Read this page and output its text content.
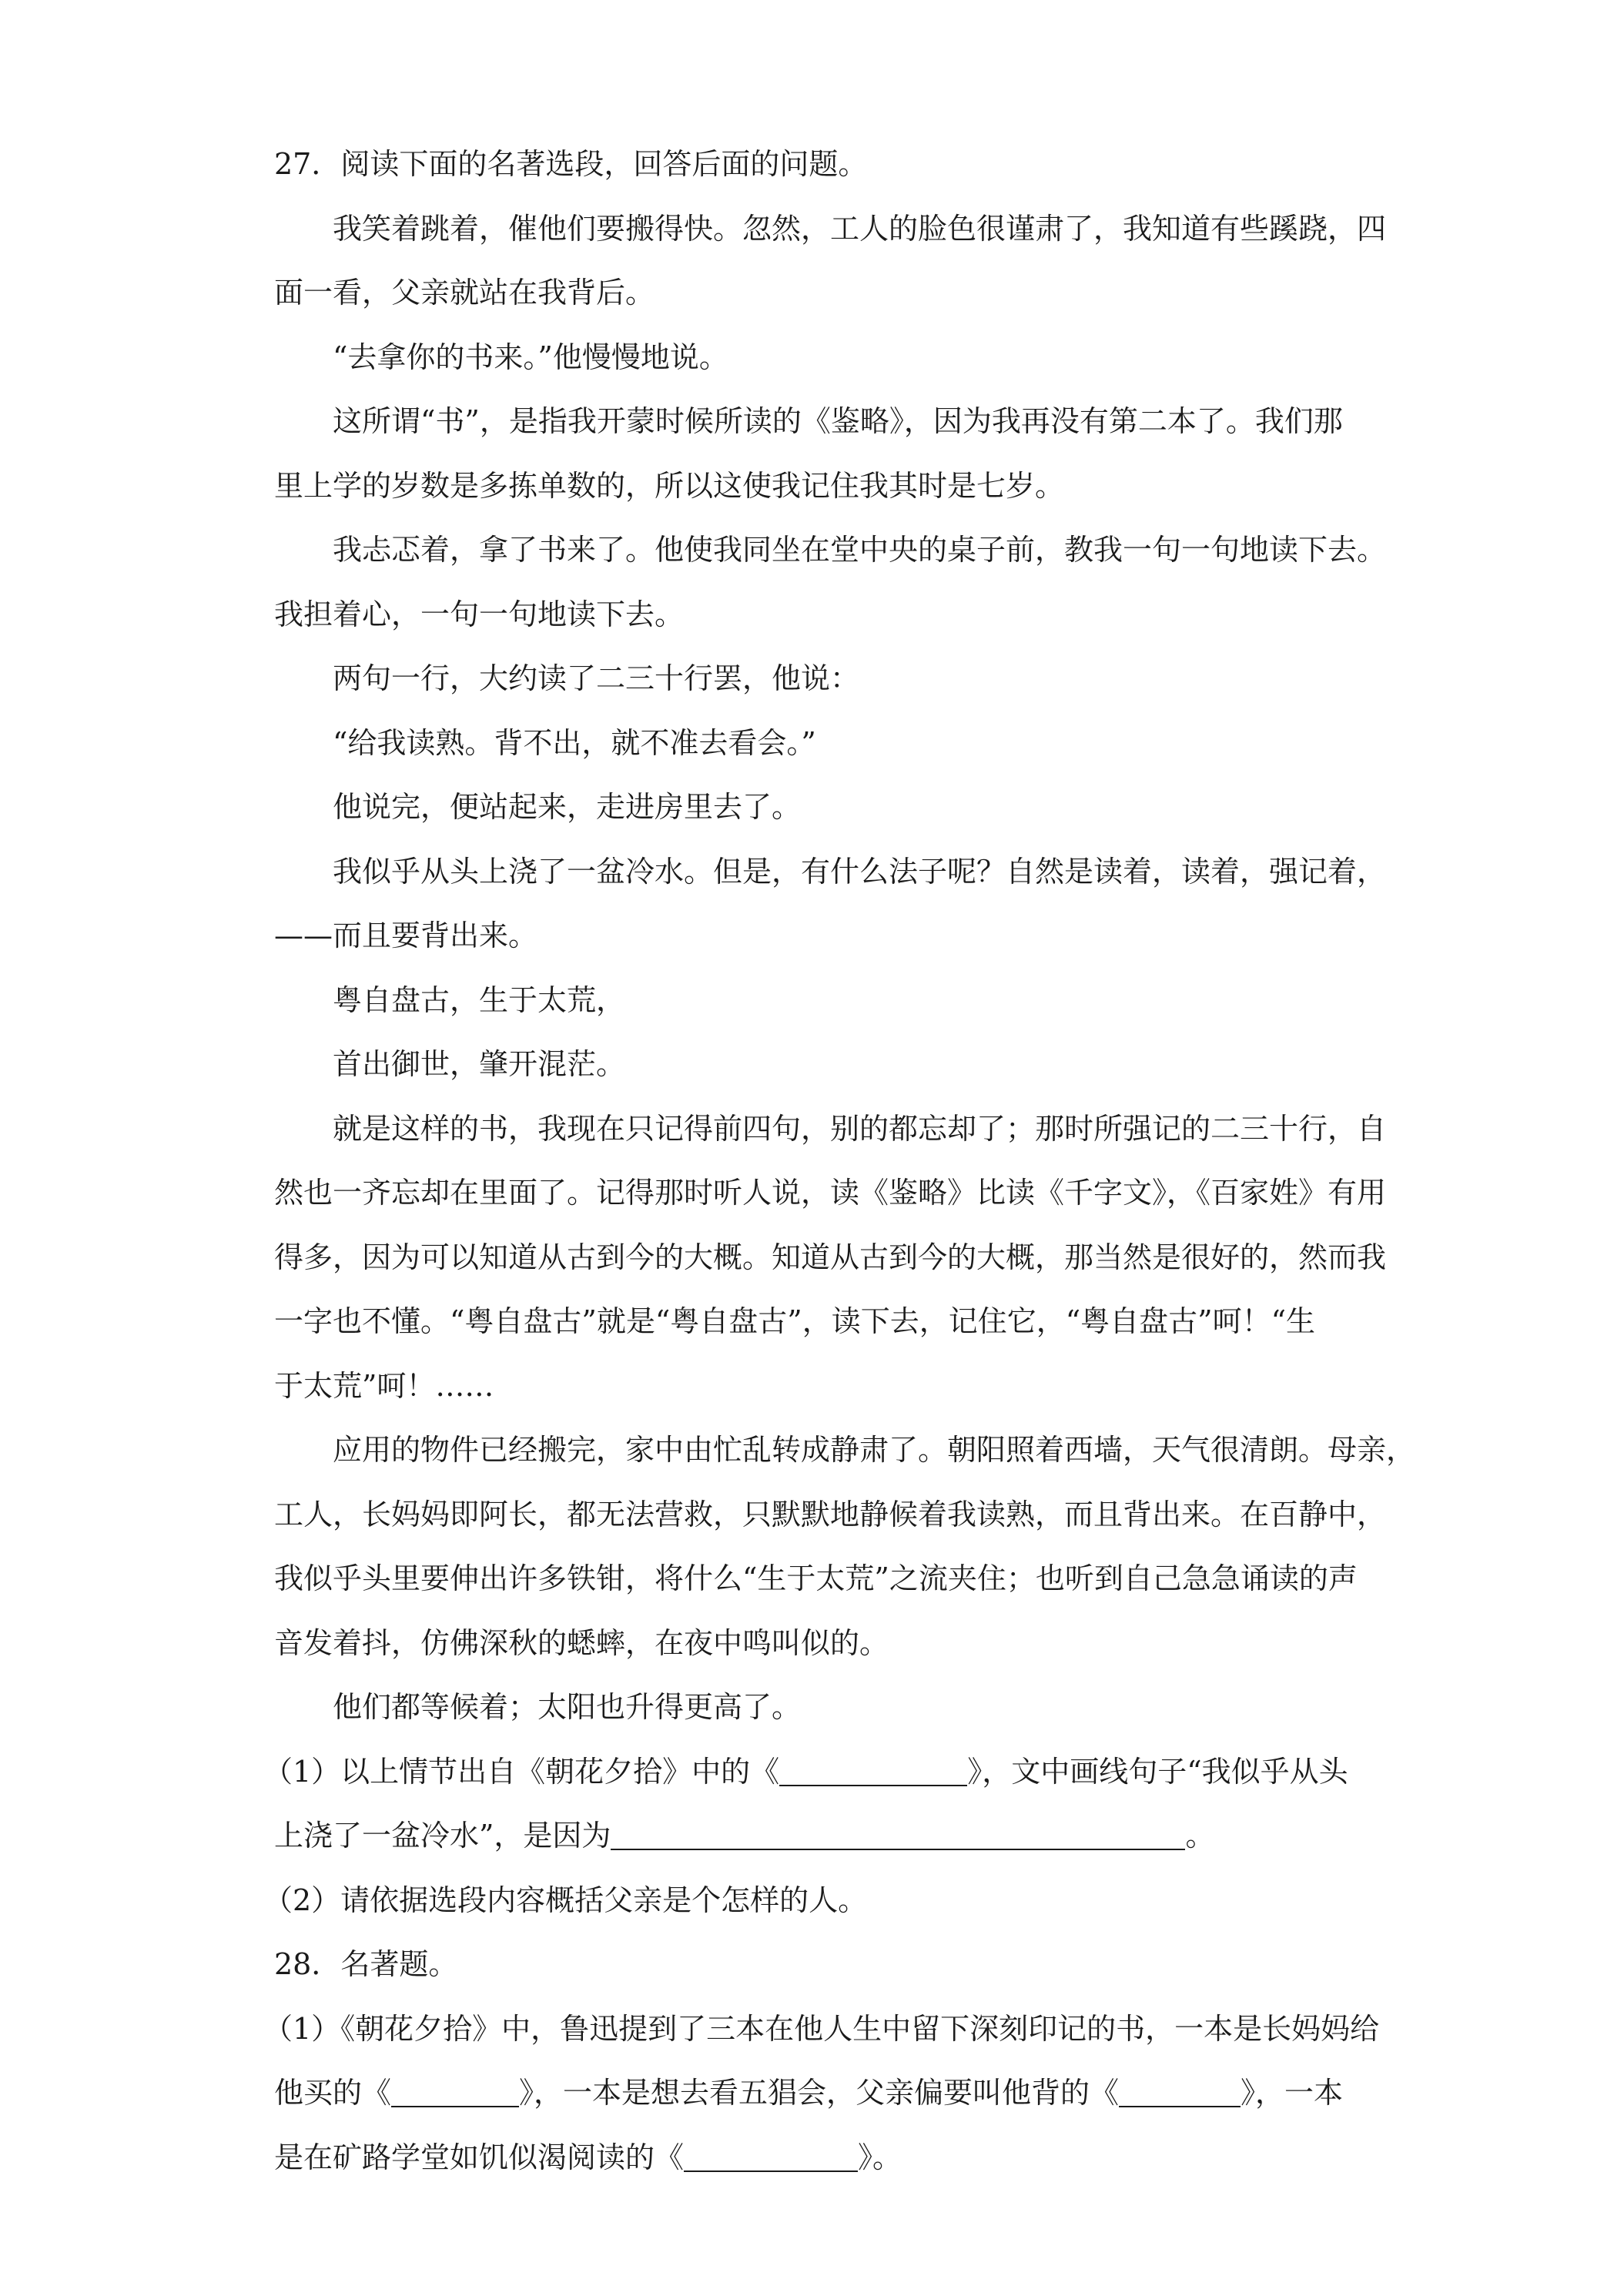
27．阅读下面的名著选段，回答后面的问题。
我笑着跳着，催他们要搬得快。忽然，工人的脸色很谨肃了，我知道有些蹊跷，四
面一看，父亲就站在我背后。
“去拿你的书来。”他慢慢地说。
这所谓“书”，是指我开蒙时候所读的《鉴略》，因为我再没有第二本了。我们那
里上学的岁数是多拣单数的，所以这使我记住我其时是七岁。
我忐忑着，拿了书来了。他使我同坐在堂中央的桌子前，教我一句一句地读下去。
我担着心，一句一句地读下去。
两句一行，大约读了二三十行罢，他说：
“给我读熟。背不出，就不准去看会。”
他说完，便站起来，走进房里去了。
我似乎从头上浇了一盆冷水。但是，有什么法子呢？自然是读着，读着，强记着，
——而且要背出来。
粤自盘古，生于太荒，
首出御世，肇开混茫。
就是这样的书，我现在只记得前四句，别的都忘却了；那时所强记的二三十行，自
然也一齐忘却在里面了。记得那时听人说，读《鉴略》比读《千字文》，《百家姓》有用
得多，因为可以知道从古到今的大概。知道从古到今的大概，那当然是很好的，然而我
一字也不懂。“粤自盘古”就是“粤自盘古”，读下去，记住它，“粤自盘古”呵！“生
于太荒”呵！……
应用的物件已经搬完，家中由忙乱转成静肃了。朝阳照着西墙，天气很清朗。母亲，
工人，长妈妈即阿长，都无法营救，只默默地静候着我读熟，而且背出来。在百静中，
我似乎头里要伸出许多铁钳，将什么“生于太荒”之流夹住；也听到自己急急诵读的声
音发着抖，仿佛深秋的蟋蟀，在夜中鸣叫似的。
他们都等候着；太阳也升得更高了。
（1）以上情节出自《朝花夕拾》中的《	》，文中画线句子“我似乎从头
上浇了一盆冷水”，是因为	。
（2）请依据选段内容概括父亲是个怎样的人。
28．名著题。
（1）《朝花夕拾》中，鲁迅提到了三本在他人生中留下深刻印记的书，一本是长妈妈给
他买的《	》，一本是想去看五猖会，父亲偏要叫他背的《	》，一本
是在矿路学堂如饥似渴阅读的《	》。
